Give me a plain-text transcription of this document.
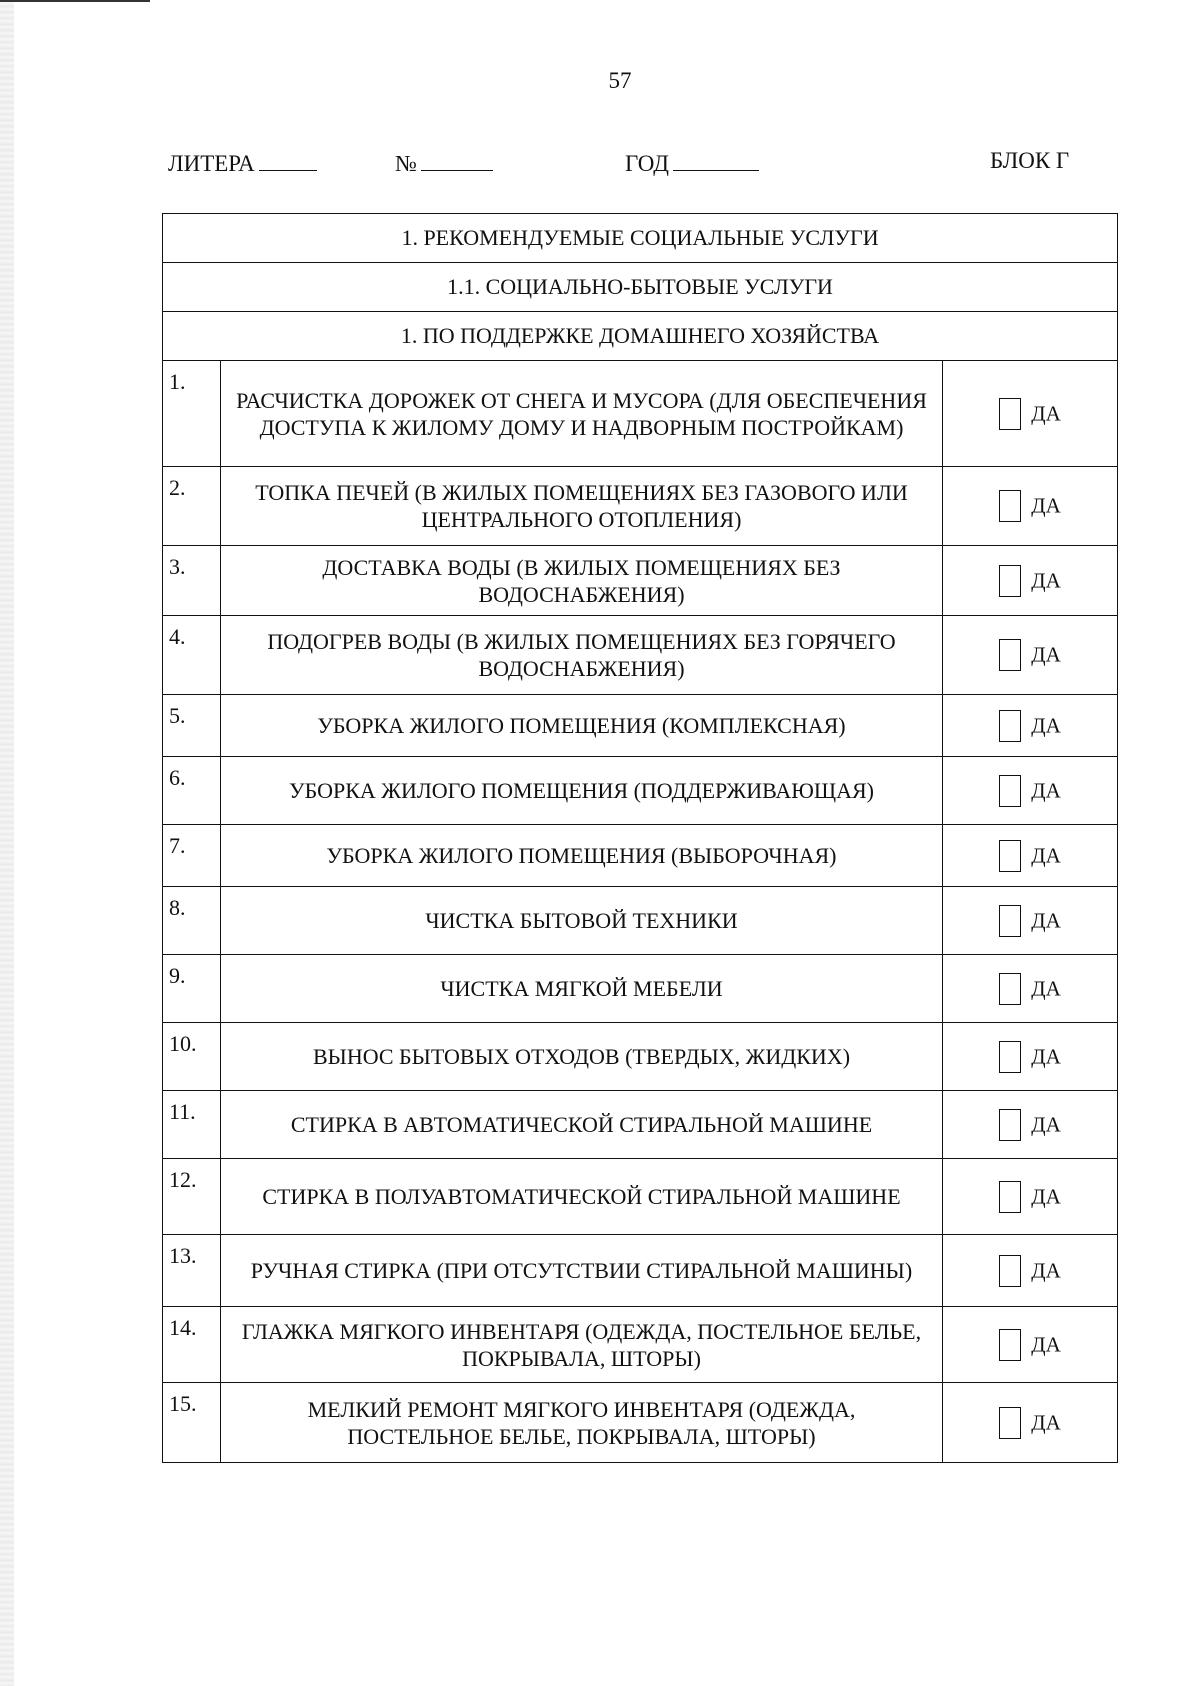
57
ЛИТЕРА	№	ГОД	БЛОК Г
1. РЕКОМЕНДУЕМЫЕ СОЦИАЛЬНЫЕ УСЛУГИ		
1.1. СОЦИАЛЬНО-БЫТОВЫЕ УСЛУГИ		
1. ПО ПОДДЕРЖКЕ ДОМАШНЕГО ХОЗЯЙСТВА		
1.	РАСЧИСТКА ДОРОЖЕК ОТ СНЕГА И МУСОРА (ДЛЯ ОБЕСПЕЧЕНИЯ ДОСТУПА К ЖИЛОМУ ДОМУ И НАДВОРНЫМ ПОСТРОЙКАМ)	ДА
2.	ТОПКА ПЕЧЕЙ (В ЖИЛЫХ ПОМЕЩЕНИЯХ БЕЗ ГАЗОВОГО ИЛИ ЦЕНТРАЛЬНОГО ОТОПЛЕНИЯ)	ДА
3.	ДОСТАВКА ВОДЫ (В ЖИЛЫХ ПОМЕЩЕНИЯХ БЕЗ ВОДОСНАБЖЕНИЯ)	ДА
4.	ПОДОГРЕВ ВОДЫ (В ЖИЛЫХ ПОМЕЩЕНИЯХ БЕЗ ГОРЯЧЕГО ВОДОСНАБЖЕНИЯ)	ДА
5.	УБОРКА ЖИЛОГО ПОМЕЩЕНИЯ (КОМПЛЕКСНАЯ)	ДА
6.	УБОРКА ЖИЛОГО ПОМЕЩЕНИЯ (ПОДДЕРЖИВАЮЩАЯ)	ДА
7.	УБОРКА ЖИЛОГО ПОМЕЩЕНИЯ (ВЫБОРОЧНАЯ)	ДА
8.	ЧИСТКА БЫТОВОЙ ТЕХНИКИ	ДА
9.	ЧИСТКА МЯГКОЙ МЕБЕЛИ	ДА
10.	ВЫНОС БЫТОВЫХ ОТХОДОВ (ТВЕРДЫХ, ЖИДКИХ)	ДА
11.	СТИРКА В АВТОМАТИЧЕСКОЙ СТИРАЛЬНОЙ МАШИНЕ	ДА
12.	СТИРКА В ПОЛУАВТОМАТИЧЕСКОЙ СТИРАЛЬНОЙ МАШИНЕ	ДА
13.	РУЧНАЯ СТИРКА (ПРИ ОТСУТСТВИИ СТИРАЛЬНОЙ МАШИНЫ)	ДА
14.	ГЛАЖКА МЯГКОГО ИНВЕНТАРЯ (ОДЕЖДА, ПОСТЕЛЬНОЕ БЕЛЬЕ, ПОКРЫВАЛА, ШТОРЫ)	ДА
15.	МЕЛКИЙ РЕМОНТ МЯГКОГО ИНВЕНТАРЯ (ОДЕЖДА, ПОСТЕЛЬНОЕ БЕЛЬЕ, ПОКРЫВАЛА, ШТОРЫ)	ДА
